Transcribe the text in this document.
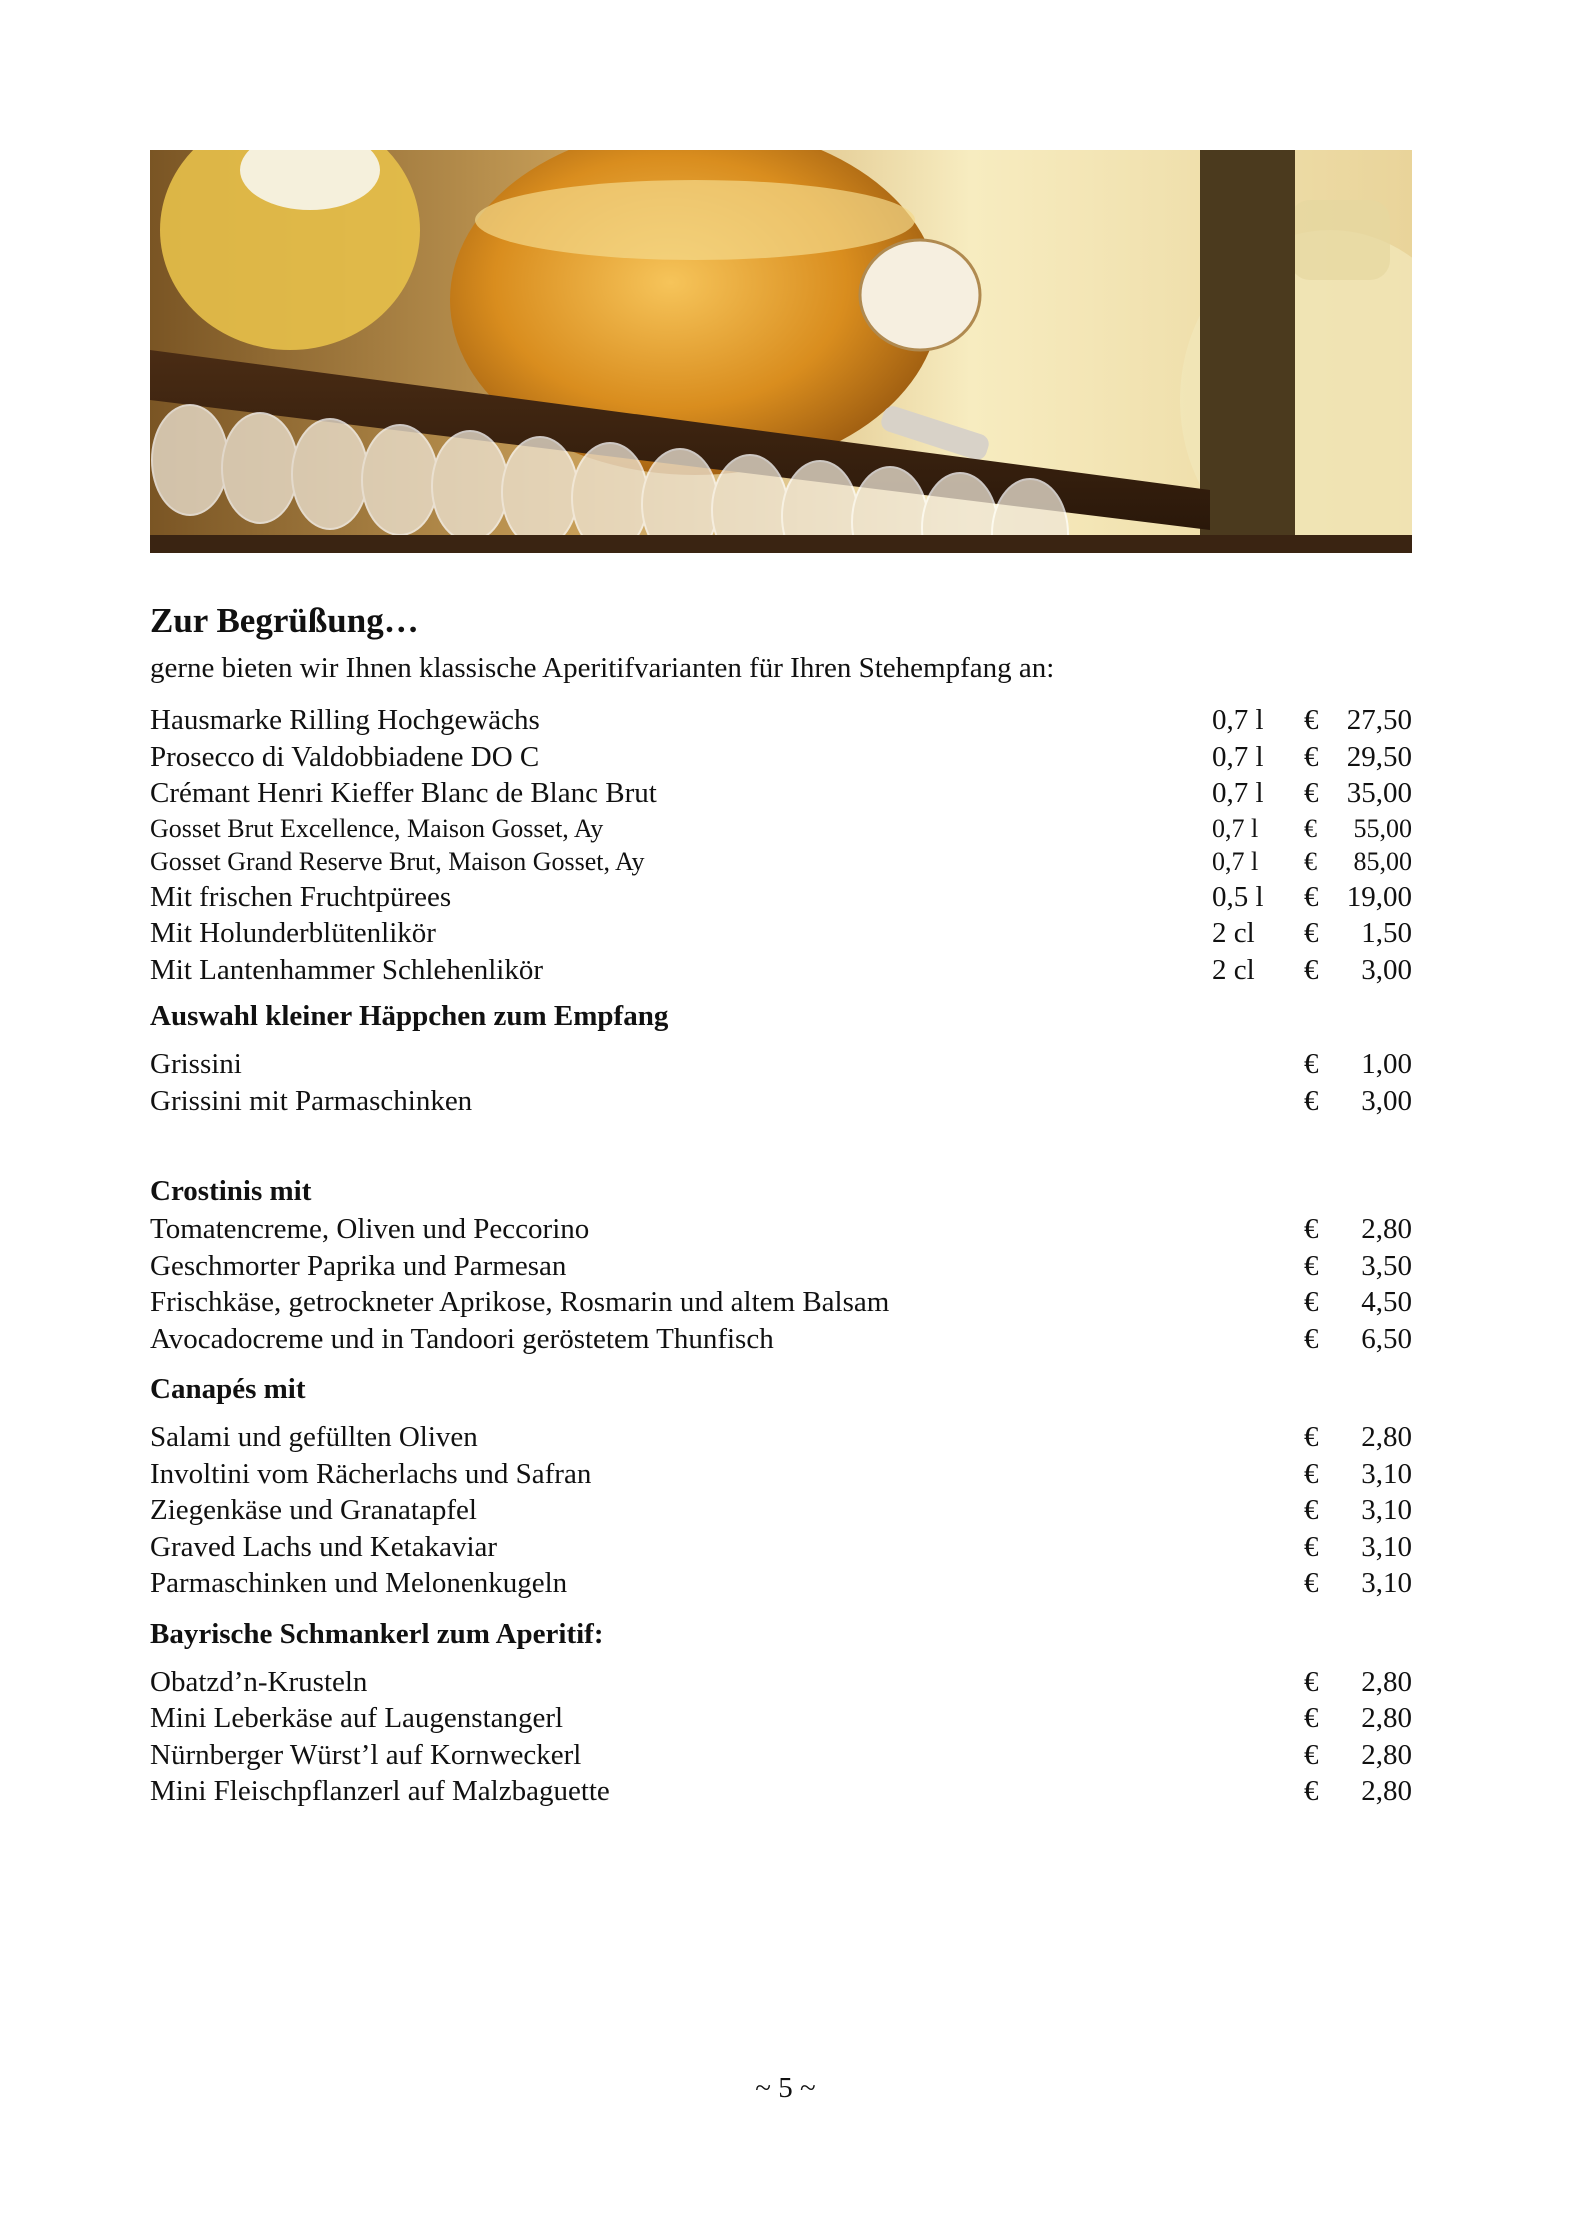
Zur Begrüßung…
gerne bieten wir Ihnen klassische Aperitifvarianten für Ihren Stehempfang an:
Hausmarke Rilling Hochgewächs	0,7 l	€ 27,50
Prosecco di Valdobbiadene DO C	0,7 l	€ 29,50
Crémant Henri Kieffer Blanc de Blanc Brut	0,7 l	€ 35,00
Gosset Brut Excellence, Maison Gosset, Ay	0,7 l	€	55,00
Gosset Grand Reserve Brut, Maison Gosset, Ay	0,7 l	€	85,00
Mit frischen Fruchtpürees	0,5 l	€ 19,00
Mit Holunderblütenlikör	2 cl	€	1,50
Mit Lantenhammer Schlehenlikör	2 cl	€	3,00
Auswahl kleiner Häppchen zum Empfang
Grissini	€	1,00
Grissini mit Parmaschinken	€	3,00
Crostinis mit
Tomatencreme, Oliven und Peccorino	€	2,80
Geschmorter Paprika und Parmesan	€	3,50
Frischkäse, getrockneter Aprikose, Rosmarin und altem Balsam	€	4,50
Avocadocreme und in Tandoori geröstetem Thunfisch	€	6,50
Canapés mit
Salami und gefüllten Oliven	€	2,80
Involtini vom Rächerlachs und Safran	€	3,10
Ziegenkäse und Granatapfel	€	3,10
Graved Lachs und Ketakaviar	€	3,10
Parmaschinken und Melonenkugeln	€	3,10
Bayrische Schmankerl zum Aperitif:
Obatzd’n-Krusteln	€	2,80
Mini Leberkäse auf Laugenstangerl	€	2,80
Nürnberger Würst’l auf Kornweckerl	€	2,80
Mini Fleischpflanzerl auf Malzbaguette	€	2,80
~ 5 ~
